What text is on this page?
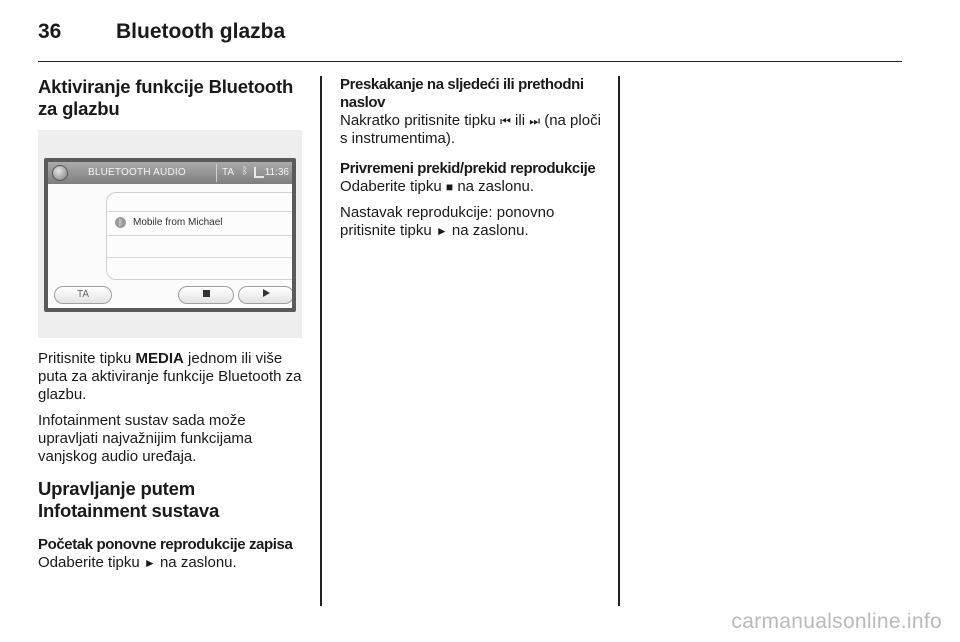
36	Bluetooth glazba
Aktiviranje funkcije Bluetooth za glazbu
BLUETOOTH AUDIO	TA ᛒ 11:36
ᛒ	Mobile from Michael
TA

Pritisnite tipku MEDIA jednom ili više puta za aktiviranje funkcije Bluetooth za glazbu.

Infotainment sustav sada može upravljati najvažnijim funkcijama vanjskog audio uređaja.

Upravljanje putem Infotainment sustava
Početak ponovne reprodukcije zapisa

Odaberite tipku ► na zaslonu.

Preskakanje na sljedeći ili prethodni naslov

Nakratko pritisnite tipku ⏮ ili ⏭ (na ploči s instrumentima).

Privremeni prekid/prekid reprodukcije

Odaberite tipku ■ na zaslonu.

Nastavak reprodukcije: ponovno pritisnite tipku ► na zaslonu.

carmanualsonline.info
